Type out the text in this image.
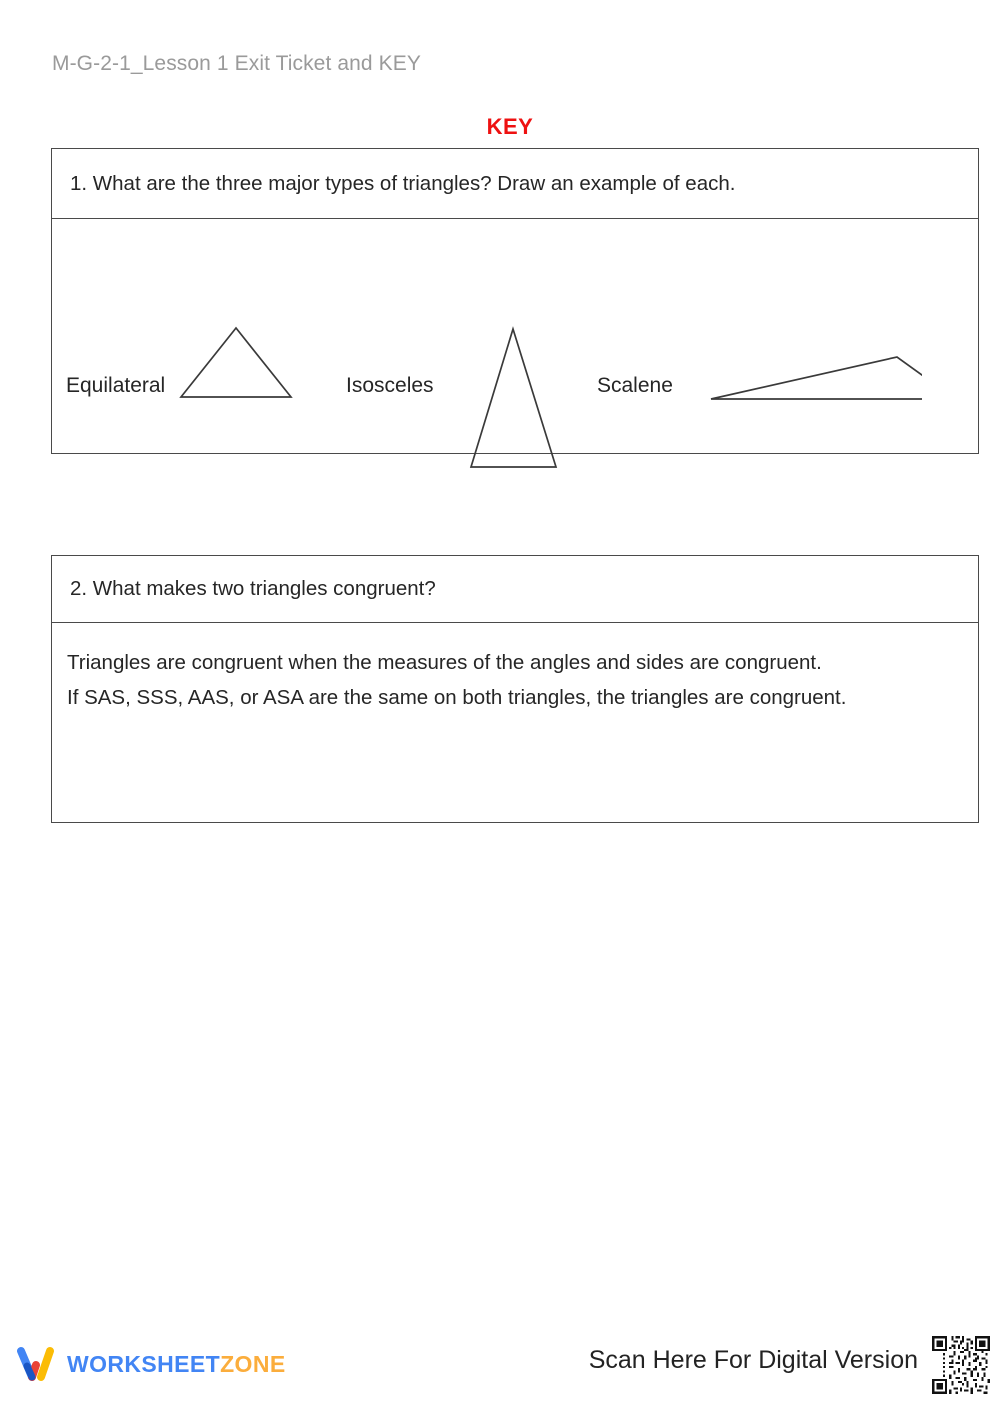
M-G-2-1_Lesson 1 Exit Ticket and KEY
KEY
1. What are the three major types of triangles? Draw an example of each.
Equilateral	Isosceles	Scalene
2. What makes two triangles congruent?

Triangles are congruent when the measures of the angles and sides are congruent.

If SAS, SSS, AAS, or ASA are the same on both triangles, the triangles are congruent.

WORKSHEETZONE	Scan Here For Digital Version
